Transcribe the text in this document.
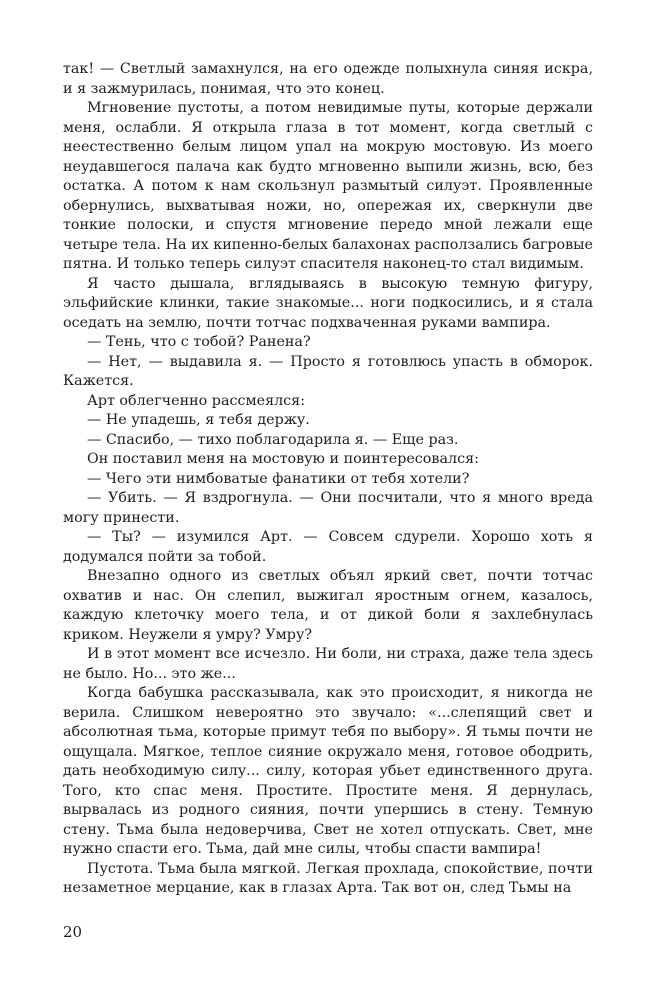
так! — Светлый замахнулся, на его одежде полыхнула синяя искра, и я зажмурилась, понимая, что это конец.

Мгновение пустоты, а потом невидимые путы, которые держали меня, ослабли. Я открыла глаза в тот момент, когда светлый с неестественно белым лицом упал на мокрую мостовую. Из моего неудавшегося палача как будто мгновенно выпили жизнь, всю, без остатка. А потом к нам скользнул размытый силуэт. Проявленные обернулись, выхватывая ножи, но, опережая их, сверкнули две тонкие полоски, и спустя мгновение передо мной лежали еще четыре тела. На их кипенно-белых балахонах расползались багровые пятна. И только теперь силуэт спасителя наконец-то стал видимым.

Я часто дышала, вглядываясь в высокую темную фигуру, эльфийские клинки, такие знакомые... ноги подкосились, и я стала оседать на землю, почти тотчас подхваченная руками вампира.

— Тень, что с тобой? Ранена?

— Нет, — выдавила я. — Просто я готовлюсь упасть в обморок. Кажется.

Арт облегченно рассмеялся:

— Не упадешь, я тебя держу.

— Спасибо, — тихо поблагодарила я. — Еще раз.

Он поставил меня на мостовую и поинтересовался:

— Чего эти нимбоватые фанатики от тебя хотели?

— Убить. — Я вздрогнула. — Они посчитали, что я много вреда могу принести.

— Ты? — изумился Арт. — Совсем сдурели. Хорошо хоть я додумался пойти за тобой.

Внезапно одного из светлых объял яркий свет, почти тотчас охватив и нас. Он слепил, выжигал яростным огнем, казалось, каждую клеточку моего тела, и от дикой боли я захлебнулась криком. Неужели я умру? Умру?

И в этот момент все исчезло. Ни боли, ни страха, даже тела здесь не было. Но... это же...

Когда бабушка рассказывала, как это происходит, я никогда не верила. Слишком невероятно это звучало: «...слепящий свет и абсолютная тьма, которые примут тебя по выбору». Я тьмы почти не ощущала. Мягкое, теплое сияние окружало меня, готовое ободрить, дать необходимую силу... силу, которая убьет единственного друга. Того, кто спас меня. Простите. Простите меня. Я дернулась, вырвалась из родного сияния, почти упершись в стену. Темную стену. Тьма была недоверчива, Свет не хотел отпускать. Свет, мне нужно спасти его. Тьма, дай мне силы, чтобы спасти вампира!

Пустота. Тьма была мягкой. Легкая прохлада, спокойствие, почти незаметное мерцание, как в глазах Арта. Так вот он, след Тьмы на

20
